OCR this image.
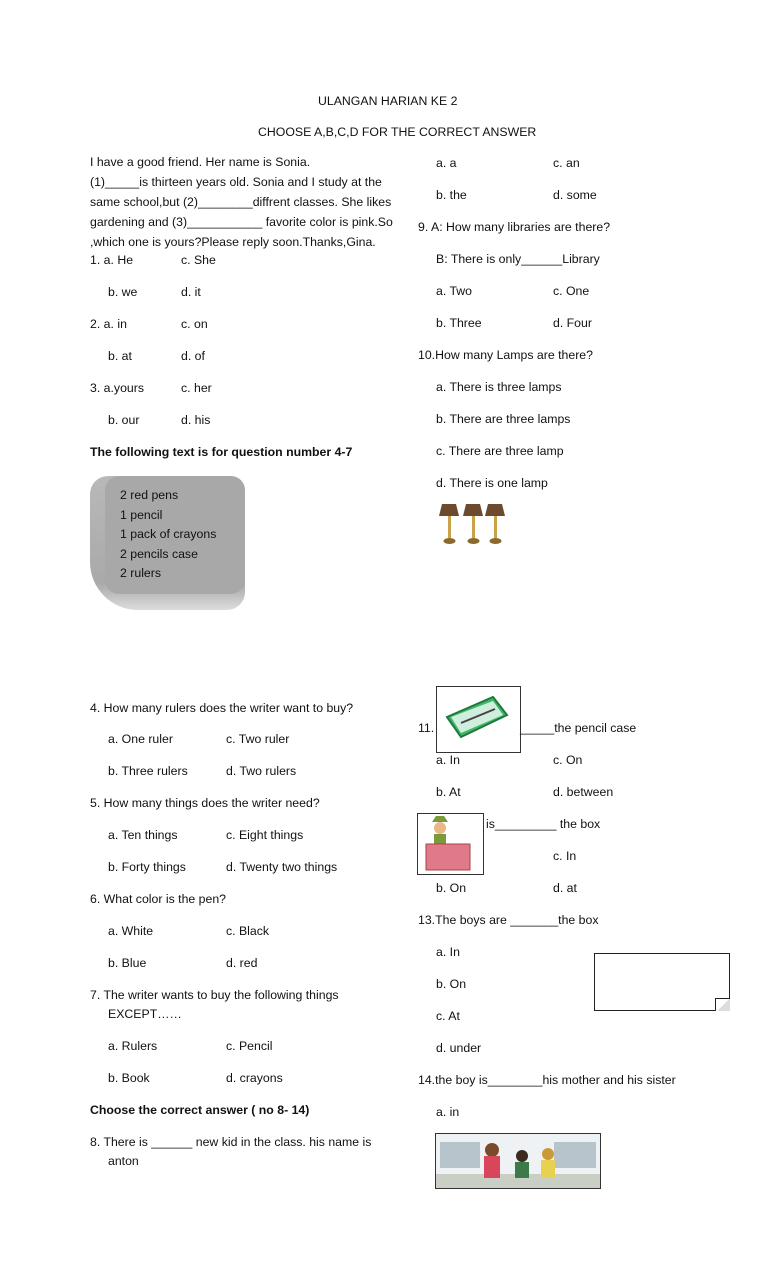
ULANGAN HARIAN KE 2
CHOOSE A,B,C,D FOR THE CORRECT ANSWER
I have a good friend. Her name is Sonia.
(1)_____is thirteen years old. Sonia and I study at the
same school,but (2)________diffrent classes. She likes
gardening and (3)___________ favorite color is pink.So
,which one is yours?Please reply soon.Thanks,Gina.
1. a. He	c. She
b. we	d. it
2. a. in	c. on
b. at	d. of
3. a.yours	c. her
b. our	d. his
The following text is for question number 4-7
2 red pens
1 pencil
1 pack of crayons
2 pencils case
2 rulers
4. How many rulers does the writer want to buy?
a. One ruler	c. Two ruler
b. Three rulers	d. Two rulers
5. How many things does the writer need?
a. Ten things	c. Eight things
b. Forty things	d. Twenty two things
6. What color is the pen?
a. White	c. Black
b. Blue	d. red
7. The writer wants to buy the following things
EXCEPT……
a. Rulers	c. Pencil
b. Book	d. crayons
Choose the correct answer ( no 8- 14)
8. There is ______ new kid in the class. his name is
anton
a. a	c. an
b. the	d. some
9. A: How many libraries are there?
B: There is only______Library
a. Two	c. One
b. Three	d. Four
10.How many Lamps are there?
a. There is three lamps
b. There are three lamps
c. There are three lamp
d. There is one lamp
11.	_____the pencil case
a. In	c. On
b. At	d. between
is_________ the box
c. In
b. On	d. at
13.The boys are _______the box
a. In
b. On
c. At
d. under
14.the boy is________his mother and his sister
a. in
